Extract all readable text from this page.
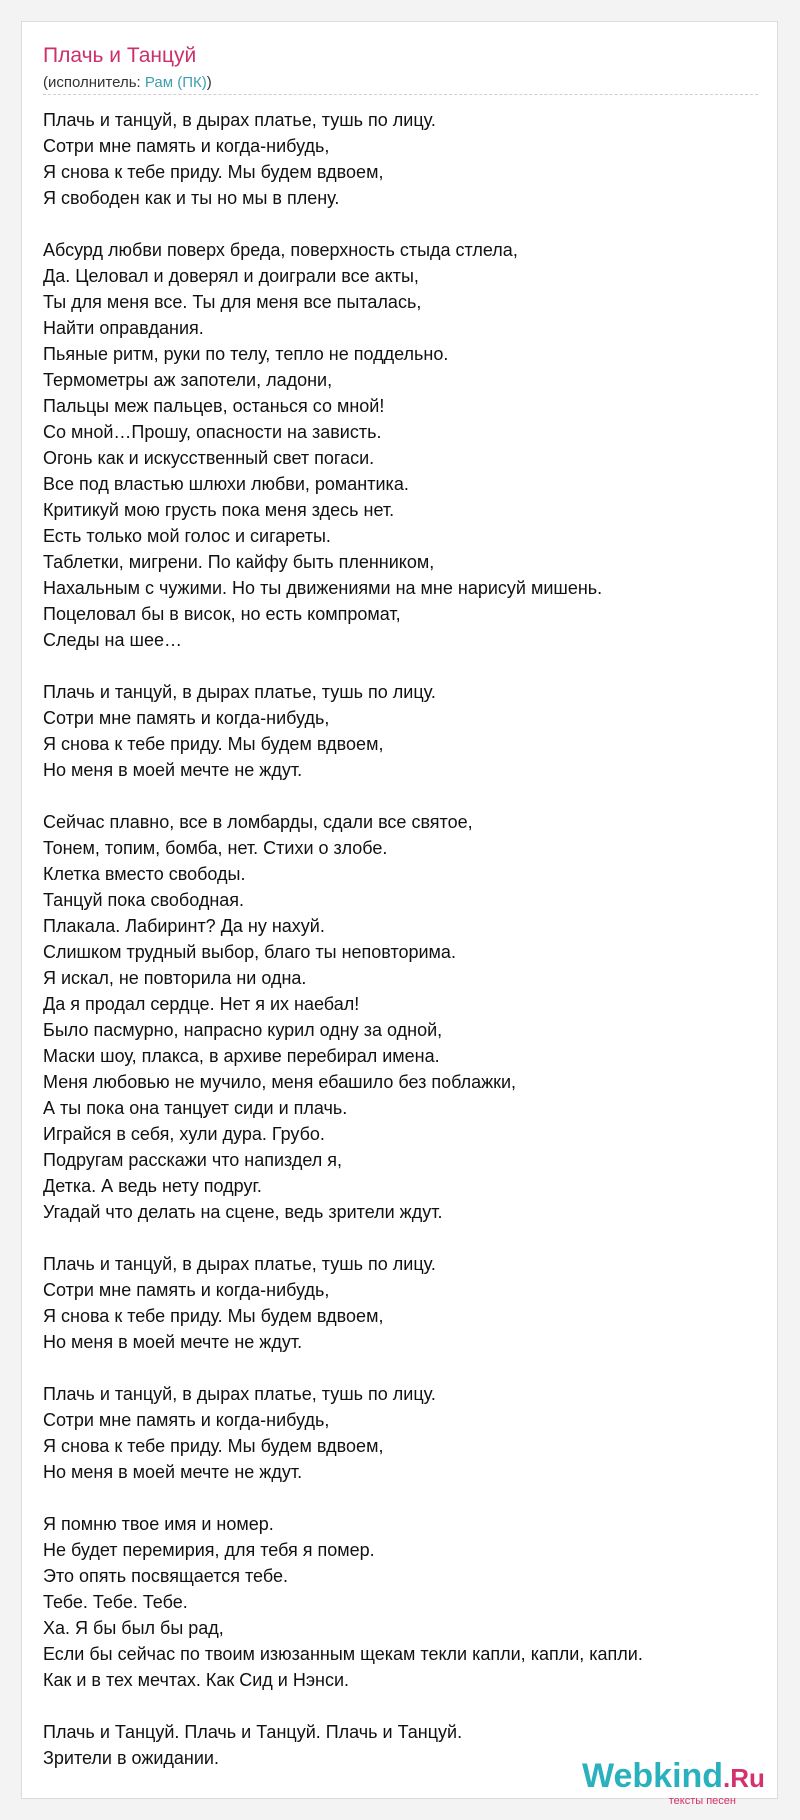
Плачь и Танцуй
(исполнитель: Рам (ПК))
Плачь и танцуй, в дырах платье, тушь по лицу.
Сотри мне память и когда-нибудь,
Я снова к тебе приду. Мы будем вдвоем,
Я свободен как и ты но мы в плену.
Абсурд любви поверх бреда, поверхность стыда стлела,
Да. Целовал и доверял и доиграли все акты,
Ты для меня все. Ты для меня все пыталась,
Найти оправдания.
Пьяные ритм, руки по телу, тепло не поддельно.
Термометры аж запотели, ладони,
Пальцы меж пальцев, останься со мной!
Со мной…Прошу, опасности на зависть.
Огонь как и искусственный свет погаси.
Все под властью шлюхи любви, романтика.
Критикуй мою грусть пока меня здесь нет.
Есть только мой голос и сигареты.
Таблетки, мигрени. По кайфу быть пленником,
Нахальным с чужими. Но ты движениями на мне нарисуй мишень.
Поцеловал бы в висок, но есть компромат,
Следы на шее…
Плачь и танцуй, в дырах платье, тушь по лицу.
Сотри мне память и когда-нибудь,
Я снова к тебе приду. Мы будем вдвоем,
Но меня в моей мечте не ждут.
Сейчас плавно, все в ломбарды, сдали все святое,
Тонем, топим, бомба, нет. Стихи о злобе.
Клетка вместо свободы.
Танцуй пока свободная.
Плакала. Лабиринт? Да ну нахуй.
Слишком трудный выбор, благо ты неповторима.
Я искал, не повторила ни одна.
Да я продал сердце. Нет я их наебал!
Было пасмурно, напрасно курил одну за одной,
Маски шоу, плакса, в архиве перебирал имена.
Меня любовью не мучило, меня ебашило без поблажки,
А ты пока она танцует сиди и плачь.
Играйся в себя, хули дура. Грубо.
Подругам расскажи что напиздел я,
Детка. А ведь нету подруг.
Угадай что делать на сцене, ведь зрители ждут.
Плачь и танцуй, в дырах платье, тушь по лицу.
Сотри мне память и когда-нибудь,
Я снова к тебе приду. Мы будем вдвоем,
Но меня в моей мечте не ждут.
Плачь и танцуй, в дырах платье, тушь по лицу.
Сотри мне память и когда-нибудь,
Я снова к тебе приду. Мы будем вдвоем,
Но меня в моей мечте не ждут.
Я помню твое имя и номер.
Не будет перемирия, для тебя я помер.
Это опять посвящается тебе.
Тебе. Тебе. Тебе.
Ха. Я бы был бы рад,
Если бы сейчас по твоим изюзанным щекам текли капли, капли, капли.
Как и в тех мечтах. Как Сид и Нэнси.
Плачь и Танцуй. Плачь и Танцуй. Плачь и Танцуй.
Зрители в ожидании.	Webkind.Ru
тексты песен
